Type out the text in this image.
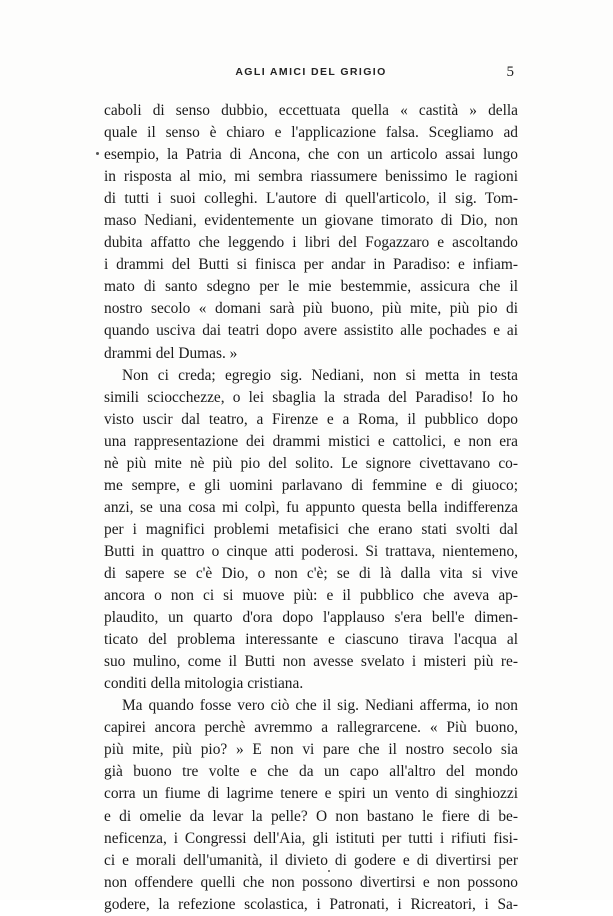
AGLI AMICI DEL GRIGIO	5
caboli di senso dubbio, eccettuata quella « castità » della
quale il senso è chiaro e l'applicazione falsa. Scegliamo ad
esempio, la Patria di Ancona, che con un articolo assai lungo
in risposta al mio, mi sembra riassumere benissimo le ragioni
di tutti i suoi colleghi. L'autore di quell'articolo, il sig. Tom-
maso Nediani, evidentemente un giovane timorato di Dio, non
dubita affatto che leggendo i libri del Fogazzaro e ascoltando
i drammi del Butti si finisca per andar in Paradiso: e infiam-
mato di santo sdegno per le mie bestemmie, assicura che il
nostro secolo « domani sarà più buono, più mite, più pio di
quando usciva dai teatri dopo avere assistito alle pochades e ai
drammi del Dumas. »
Non ci creda; egregio sig. Nediani, non si metta in testa
simili sciocchezze, o lei sbaglia la strada del Paradiso! Io ho
visto uscir dal teatro, a Firenze e a Roma, il pubblico dopo
una rappresentazione dei drammi mistici e cattolici, e non era
nè più mite nè più pio del solito. Le signore civettavano co-
me sempre, e gli uomini parlavano di femmine e di giuoco;
anzi, se una cosa mi colpì, fu appunto questa bella indifferenza
per i magnifici problemi metafisici che erano stati svolti dal
Butti in quattro o cinque atti poderosi. Si trattava, nientemeno,
di sapere se c'è Dio, o non c'è; se di là dalla vita si vive
ancora o non ci si muove più: e il pubblico che aveva ap-
plaudito, un quarto d'ora dopo l'applauso s'era bell'e dimen-
ticato del problema interessante e ciascuno tirava l'acqua al
suo mulino, come il Butti non avesse svelato i misteri più re-
conditi della mitologia cristiana.
Ma quando fosse vero ciò che il sig. Nediani afferma, io non
capirei ancora perchè avremmo a rallegrarcene. « Più buono,
più mite, più pio? » E non vi pare che il nostro secolo sia
già buono tre volte e che da un capo all'altro del mondo
corra un fiume di lagrime tenere e spiri un vento di singhiozzi
e di omelie da levar la pelle? O non bastano le fiere di be-
neficenza, i Congressi dell'Aia, gli istituti per tutti i rifiuti fisi-
ci e morali dell'umanità, il divieto di godere e di divertirsi per
non offendere quelli che non possono divertirsi e non possono
godere, la refezione scolastica, i Patronati, i Ricreatori, i Sa-
